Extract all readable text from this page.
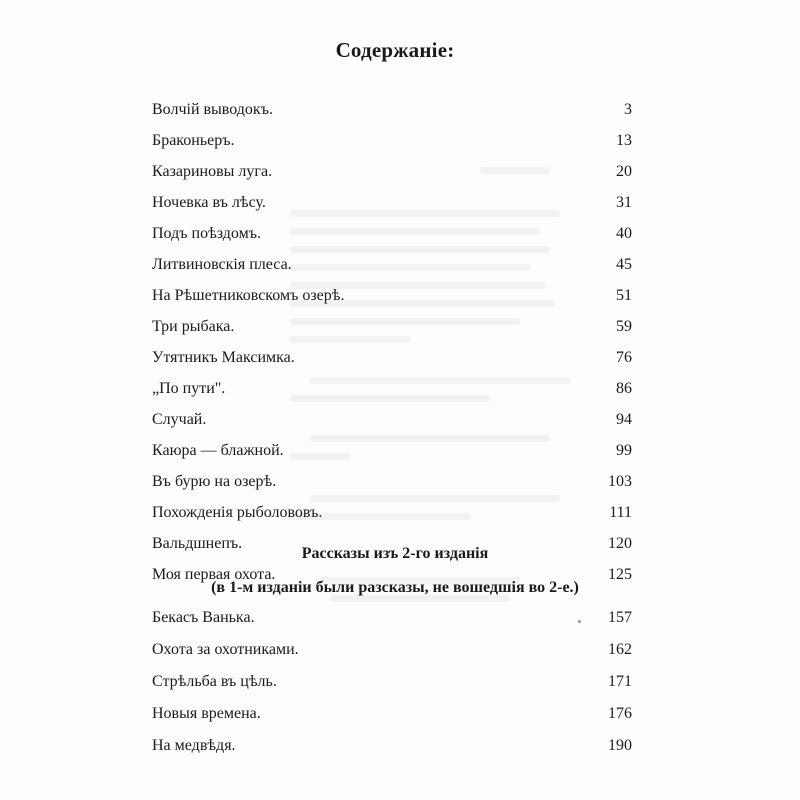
Содержаніе:
Волчій выводокъ.	3
Браконьеръ.	13
Казариновы луга.	20
Ночевка въ лѣсу.	31
Подъ поѣздомъ.	40
Литвиновскія плеса.	45
На Рѣшетниковскомъ озерѣ.	51
Три рыбака.	59
Утятникъ Максимка.	76
„По пути".	86
Случай.	94
Каюра — блажной.	99
Въ бурю на озерѣ.	103
Похожденія рыболововъ.	111
Вальдшнепъ.	120
Моя первая охота.	125
Рассказы изъ 2-го изданія
(в 1-м изданіи были разсказы, не вошедшія во 2-е.)
Бекасъ Ванька.	157
Охота за охотниками.	162
Стрѣльба въ цѣль.	171
Новыя времена.	176
На медвѣдя.	190
